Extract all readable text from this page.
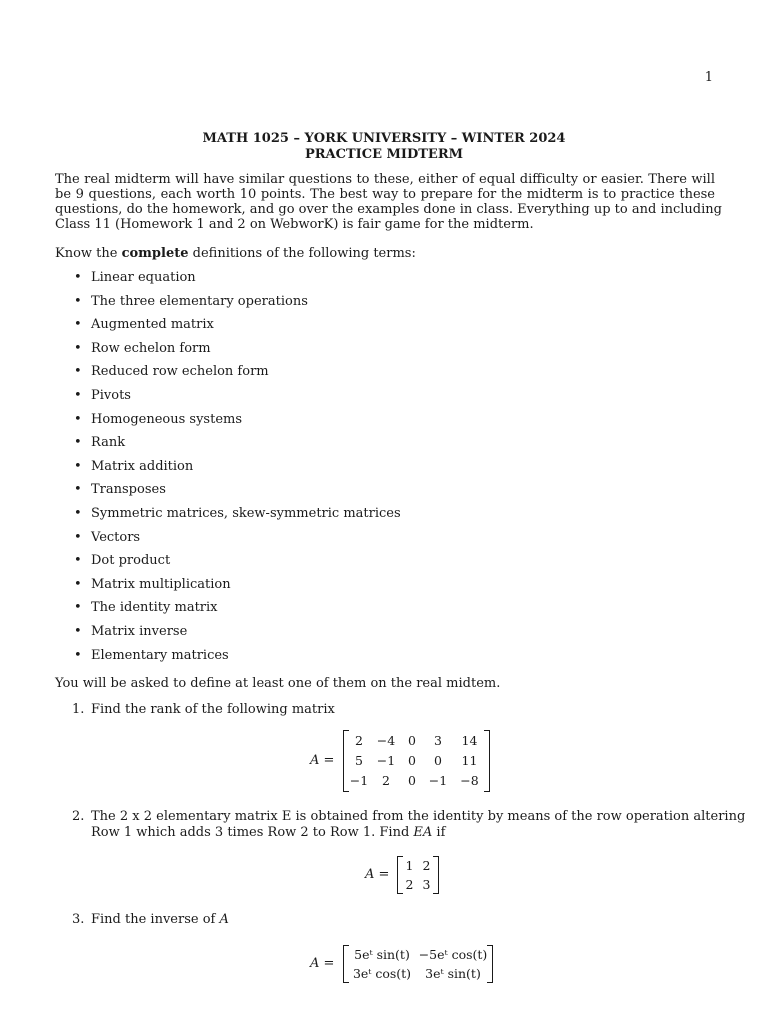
1
MATH 1025 – YORK UNIVERSITY – WINTER 2024
PRACTICE MIDTERM
The real midterm will have similar questions to these, either of equal difficulty or easier. There will
be 9 questions, each worth 10 points. The best way to prepare for the midterm is to practice these
questions, do the homework, and go over the examples done in class. Everything up to and including
Class 11 (Homework 1 and 2 on WebworK) is fair game for the midterm.
Know the complete definitions of the following terms:
• Linear equation
• The three elementary operations
• Augmented matrix
• Row echelon form
• Reduced row echelon form
• Pivots
• Homogeneous systems
• Rank
• Matrix addition
• Transposes
• Symmetric matrices, skew-symmetric matrices
• Vectors
• Dot product
• Matrix multiplication
• The identity matrix
• Matrix inverse
• Elementary matrices
You will be asked to define at least one of them on the real midtem.
1. Find the rank of the following matrix
A =
2	−4	0	3	14
5	−1	0	0	11
−1	2	0	−1	−8
2. The 2 x 2 elementary matrix E is obtained from the identity by means of the row operation altering
Row 1 which adds 3 times Row 2 to Row 1. Find EA if
A =
1	2
2	3
3. Find the inverse of A
A =
5eᵗ sin(t)	−5eᵗ cos(t)
3eᵗ cos(t)	3eᵗ sin(t)
